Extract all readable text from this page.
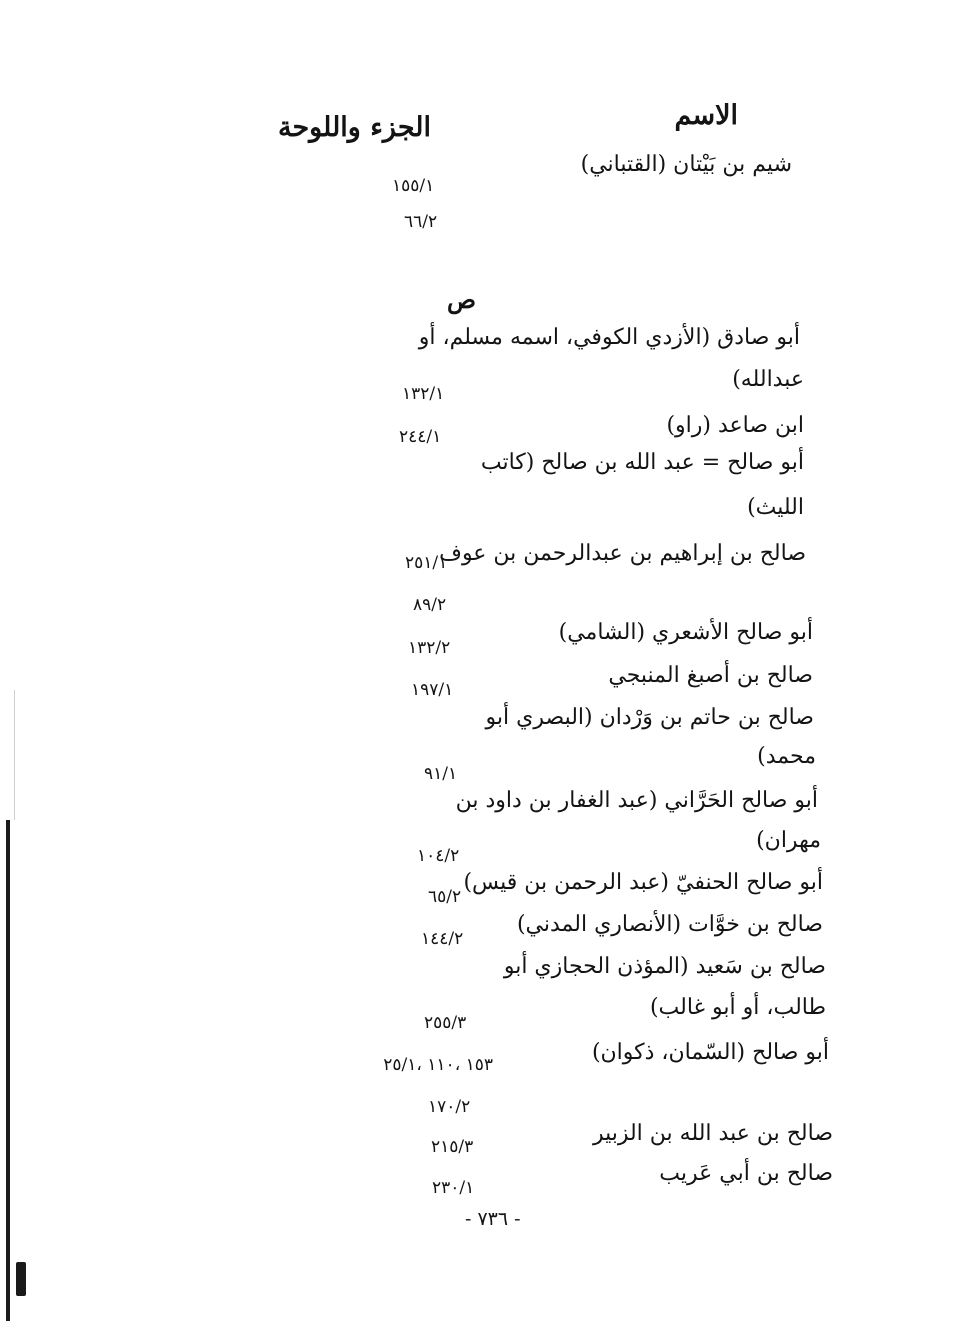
الاسم
الجزء واللوحة
شيم بن بَيْتان (القتباني)
١٥٥/١
٦٦/٢
ص
أبو صادق (الأزدي الكوفي، اسمه مسلم، أو
عبدالله)
١٣٢/١
ابن صاعد (راو)
٢٤٤/١
أبو صالح = عبد الله بن صالح (كاتب
الليث)
صالح بن إبراهيم بن عبدالرحمن بن عوف
٢٥١/١
٨٩/٢
أبو صالح الأشعري (الشامي)
١٣٢/٢
صالح بن أصبغ المنبجي
١٩٧/١
صالح بن حاتم بن وَرْدان (البصري أبو
محمد)
٩١/١
أبو صالح الحَرَّاني (عبد الغفار بن داود بن
مهران)
١٠٤/٢
أبو صالح الحنفيّ (عبد الرحمن بن قيس)
٦٥/٢
صالح بن خوَّات (الأنصاري المدني)
١٤٤/٢
صالح بن سَعيد (المؤذن الحجازي أبو
طالب، أو أبو غالب)
٢٥٥/٣
أبو صالح (السّمان، ذكوان)
١٥٣ ،١١٠ ،٢٥/١
١٧٠/٢
صالح بن عبد الله بن الزبير
٢١٥/٣
صالح بن أبي عَريب
٢٣٠/١
- ٧٣٦ -
